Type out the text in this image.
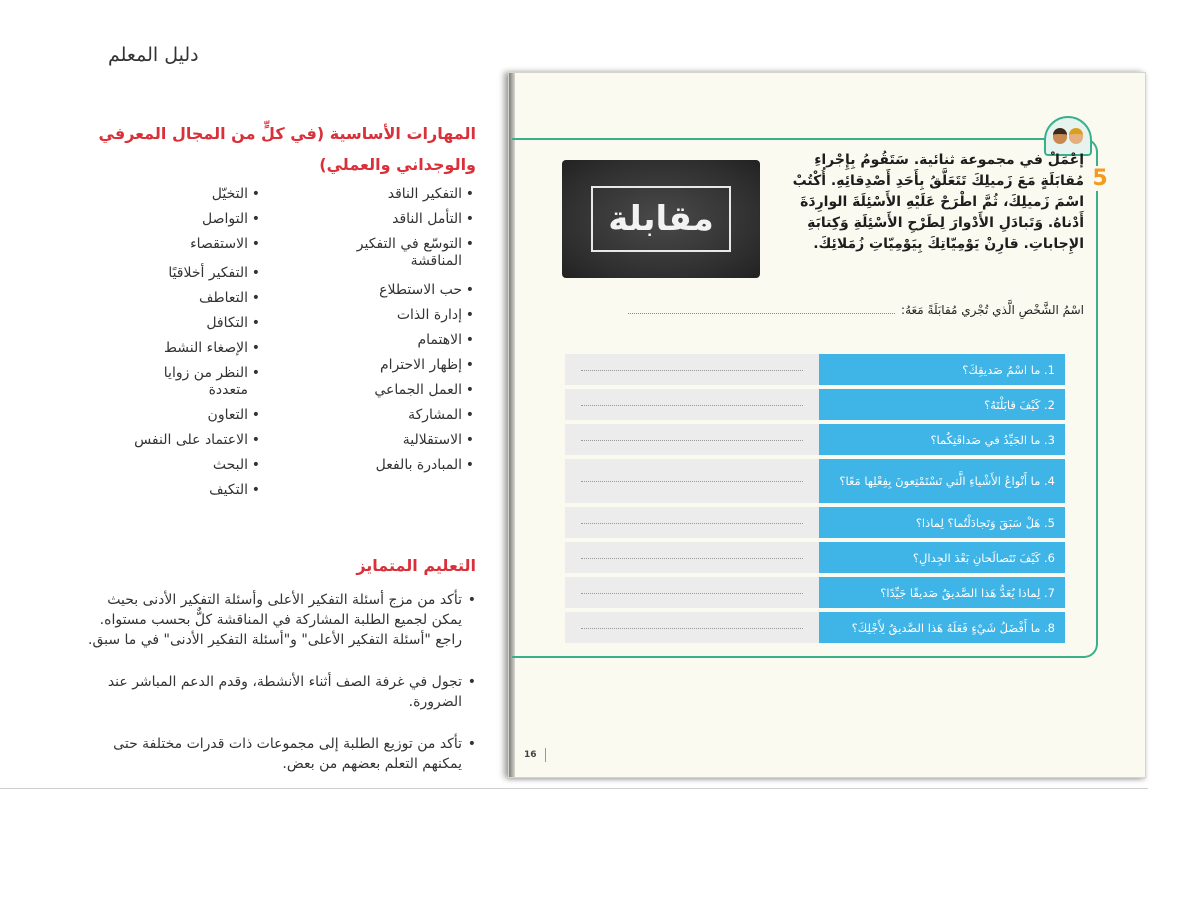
دليل المعلم
المهارات الأساسية (في كلٍّ من المجال المعرفي والوجداني والعملي)
• التفكير الناقد
• التأمل الناقد
• التوسّع في التفكير المناقشة
• حب الاستطلاع
• إدارة الذات
• الاهتمام
• إظهار الاحترام
• العمل الجماعي
• المشاركة
• الاستقلالية
• المبادرة بالفعل
• التخيّل
• التواصل
• الاستقصاء
• التفكير أخلاقيًا
• التعاطف
• التكافل
• الإصغاء النشط
• النظر من زوايا متعددة
• التعاون
• الاعتماد على النفس
• البحث
• التكيف
التعليم المتمايز
• تأكد من مزج أسئلة التفكير الأعلى وأسئلة التفكير الأدنى بحيث يمكن لجميع الطلبة المشاركة في المناقشة كلٌّ بحسب مستواه. راجع "أسئلة التفكير الأعلى" و"أسئلة التفكير الأدنى" في ما سبق.
• تجول في غرفة الصف أثناء الأنشطة، وقدم الدعم المباشر عند الضرورة.
• تأكد من توزيع الطلبة إلى مجموعات ذات قدرات مختلفة حتى يمكنهم التعلم بعضهم من بعض.
5
مقابلة
إعْمَلْ في مجموعة ثنائية. سَتَقُومُ بِإِجْراءِ مُقابَلَةٍ مَعَ زَميلِكَ تَتَعَلَّقُ بِأَحَدِ أَصْدِقائِهِ. أُكْتُبْ اسْمَ زَميلِكَ، ثُمَّ اطْرَحْ عَلَيْهِ الأَسْئِلَةَ الوارِدَةَ أَدْناهُ. وَتَبادَلِ الأَدْوارَ لِطَرْحِ الأَسْئِلَةِ وَكِتابَةِ الإِجاباتِ. قارِنْ يَوْمِيّاتِكَ بِيَوْمِيّاتِ زُمَلائِكَ.
اسْمُ الشَّخْصِ الَّذي تُجْري مُقابَلَةً مَعَهُ:
1. ما اسْمُ صَديقِكَ؟
2. كَيْفَ قابَلْتَهُ؟
3. ما الجَيِّدُ في صَداقَتِكُما؟
4. ما أَنْواعُ الأَشْياءِ الَّتي تَسْتَمْتِعونَ بِفِعْلِها مَعًا؟
5. هَلْ سَبَقَ وَتَجادَلْتُما؟ لِماذا؟
6. كَيْفَ تَتَصالَحانِ بَعْدَ الجِدالِ؟
7. لِماذا يُعَدُّ هَذا الصَّديقُ صَديقًا جَيِّدًا؟
8. ما أَفْضَلُ شَيْءٍ فَعَلَهُ هَذا الصَّديقُ لِأَجْلِكَ؟
16
